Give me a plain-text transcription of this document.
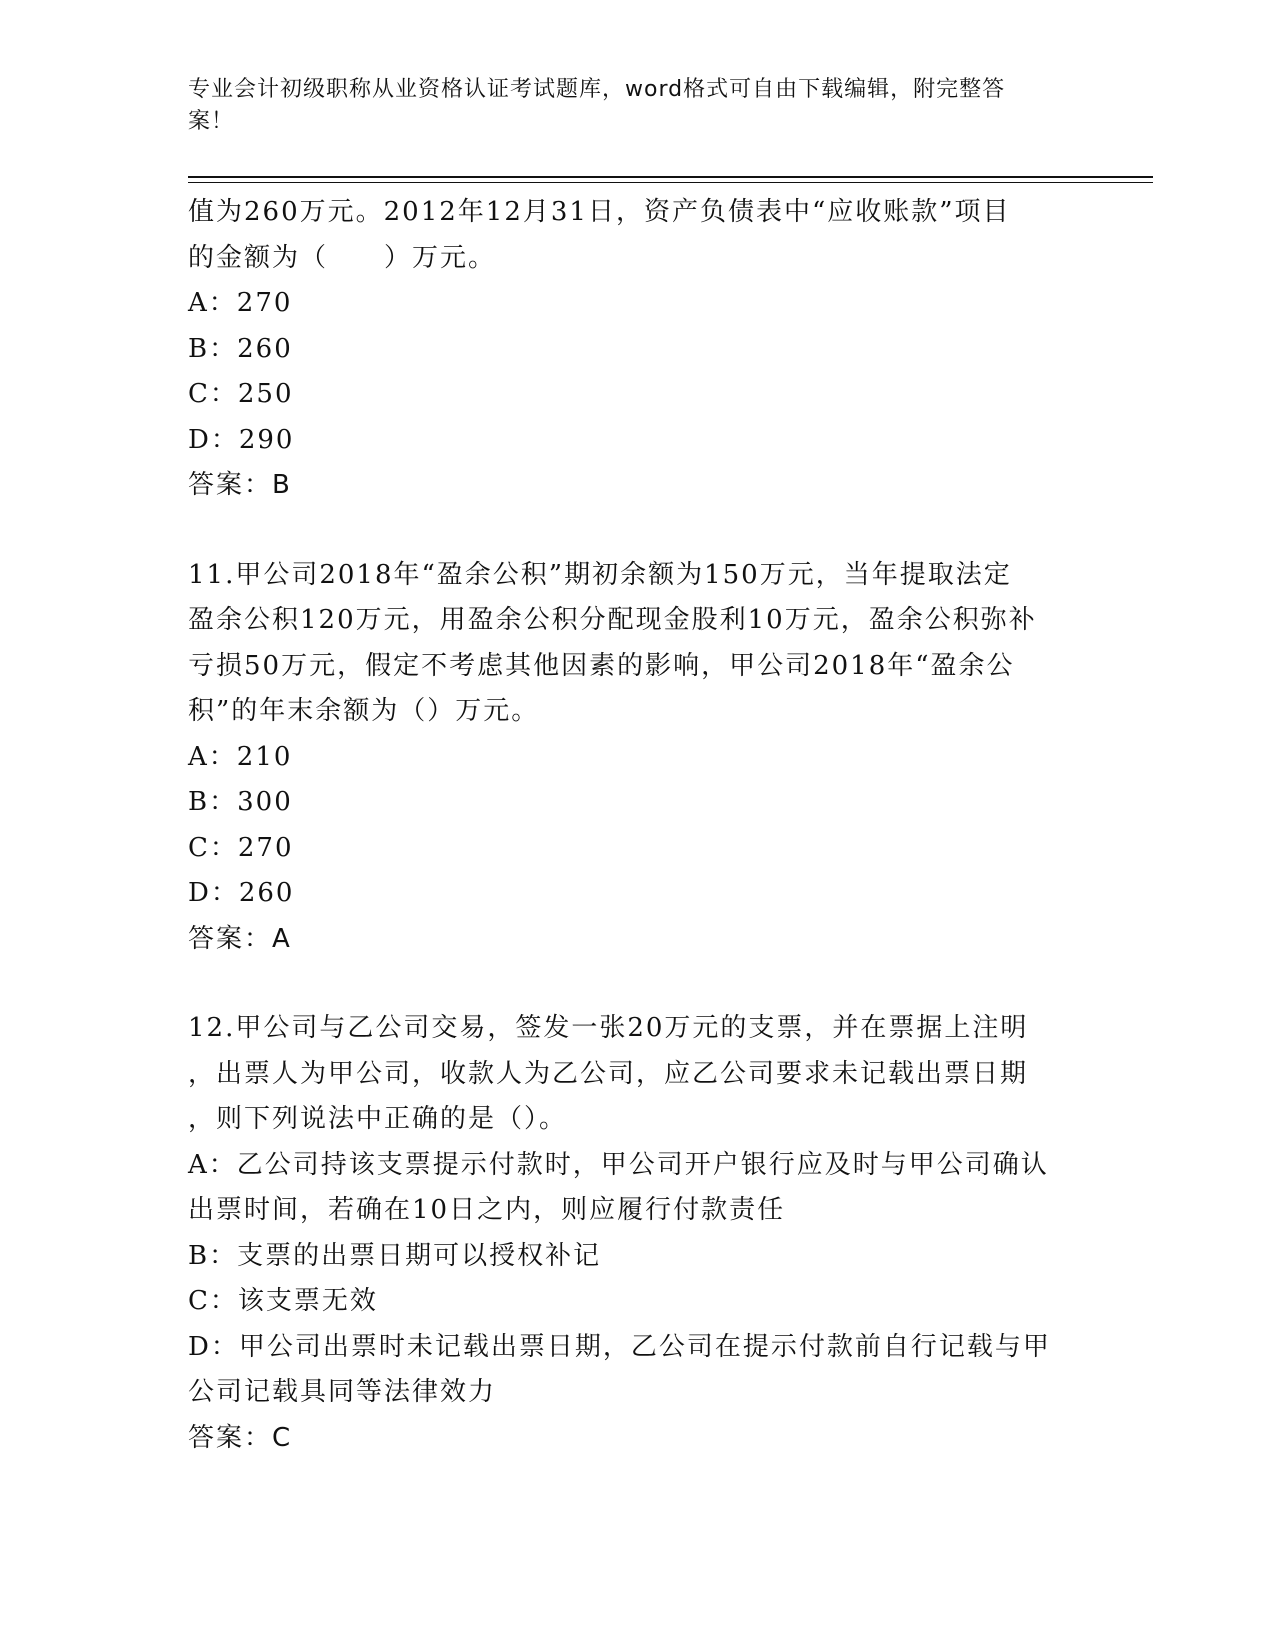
专业会计初级职称从业资格认证考试题库，word格式可自由下载编辑，附完整答
案！

值为260万元。2012年12月31日，资产负债表中“应收账款”项目

的金额为（　　）万元。

A：270

B：260

C：250

D：290

答案：B

11.甲公司2018年“盈余公积”期初余额为150万元，当年提取法定

盈余公积120万元，用盈余公积分配现金股利10万元，盈余公积弥补

亏损50万元，假定不考虑其他因素的影响，甲公司2018年“盈余公

积”的年末余额为（）万元。

A：210

B：300

C：270

D：260

答案：A

12.甲公司与乙公司交易，签发一张20万元的支票，并在票据上注明

，出票人为甲公司，收款人为乙公司，应乙公司要求未记载出票日期

，则下列说法中正确的是（）。

A：乙公司持该支票提示付款时，甲公司开户银行应及时与甲公司确认

出票时间，若确在10日之内，则应履行付款责任

B：支票的出票日期可以授权补记

C：该支票无效

D：甲公司出票时未记载出票日期，乙公司在提示付款前自行记载与甲

公司记载具同等法律效力

答案：C
